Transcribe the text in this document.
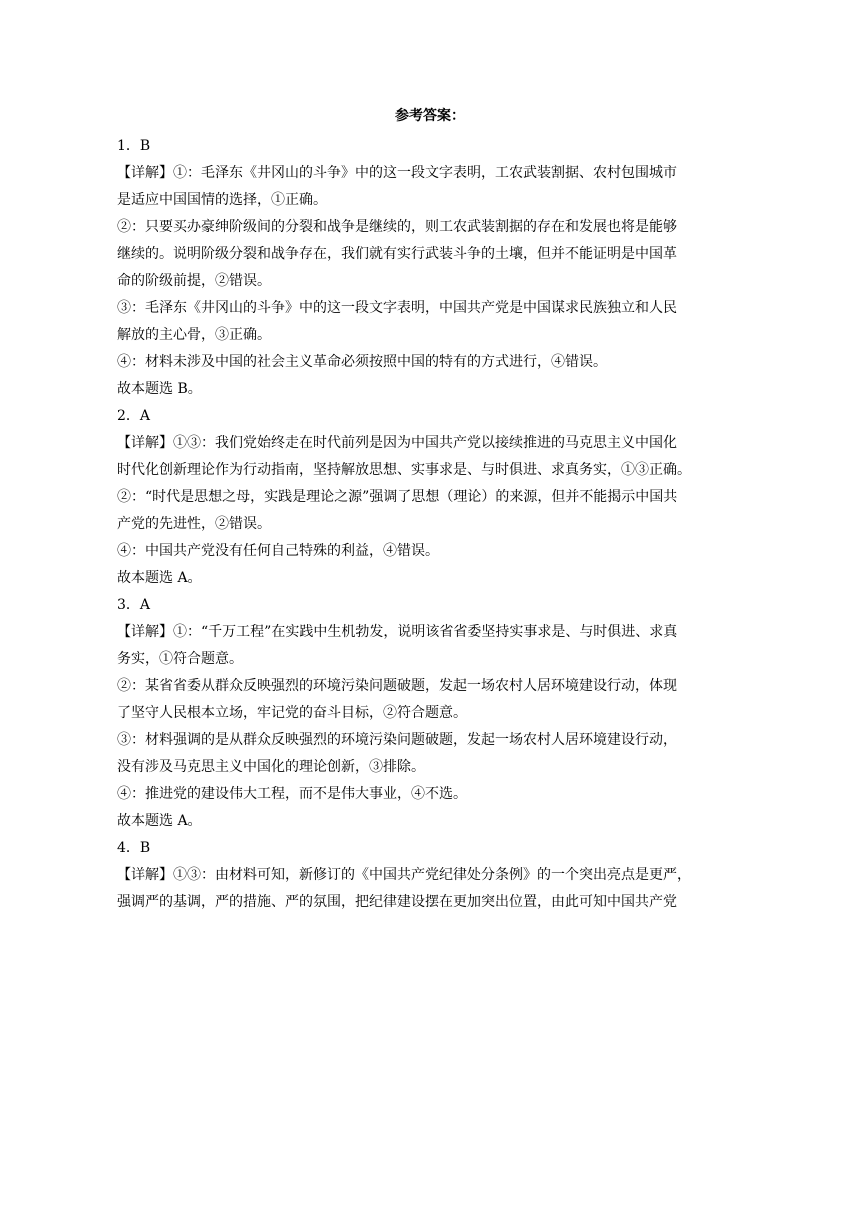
参考答案：
1．B
【详解】①：毛泽东《井冈山的斗争》中的这一段文字表明，工农武装割据、农村包围城市
是适应中国国情的选择，①正确。
②：只要买办豪绅阶级间的分裂和战争是继续的，则工农武装割据的存在和发展也将是能够
继续的。说明阶级分裂和战争存在，我们就有实行武装斗争的土壤，但并不能证明是中国革
命的阶级前提，②错误。
③：毛泽东《井冈山的斗争》中的这一段文字表明，中国共产党是中国谋求民族独立和人民
解放的主心骨，③正确。
④：材料未涉及中国的社会主义革命必须按照中国的特有的方式进行，④错误。
故本题选 B。
2．A
【详解】①③：我们党始终走在时代前列是因为中国共产党以接续推进的马克思主义中国化
时代化创新理论作为行动指南，坚持解放思想、实事求是、与时俱进、求真务实，①③正确。
②：“时代是思想之母，实践是理论之源”强调了思想（理论）的来源，但并不能揭示中国共
产党的先进性，②错误。
④：中国共产党没有任何自己特殊的利益，④错误。
故本题选 A。
3．A
【详解】①：“千万工程”在实践中生机勃发，说明该省省委坚持实事求是、与时俱进、求真
务实，①符合题意。
②：某省省委从群众反映强烈的环境污染问题破题，发起一场农村人居环境建设行动，体现
了坚守人民根本立场，牢记党的奋斗目标，②符合题意。
③：材料强调的是从群众反映强烈的环境污染问题破题，发起一场农村人居环境建设行动，
没有涉及马克思主义中国化的理论创新，③排除。
④：推进党的建设伟大工程，而不是伟大事业，④不选。
故本题选 A。
4．B
【详解】①③：由材料可知，新修订的《中国共产党纪律处分条例》的一个突出亮点是更严，
强调严的基调，严的措施、严的氛围，把纪律建设摆在更加突出位置，由此可知中国共产党
